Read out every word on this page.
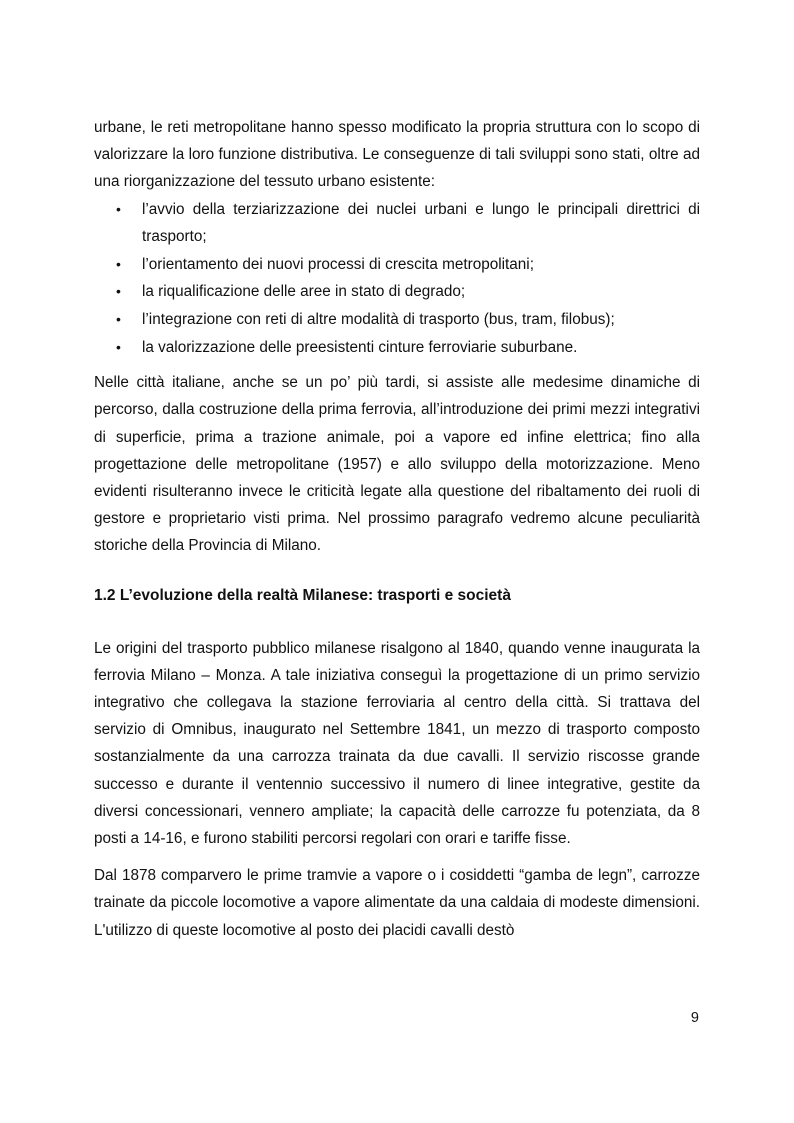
urbane, le reti metropolitane hanno spesso modificato la propria struttura con lo scopo di valorizzare la loro funzione distributiva. Le conseguenze di tali sviluppi sono stati, oltre ad una riorganizzazione del tessuto urbano esistente:

• l’avvio della terziarizzazione dei nuclei urbani e lungo le principali direttrici di trasporto;
• l’orientamento dei nuovi processi di crescita metropolitani;
• la riqualificazione delle aree in stato di degrado;
• l’integrazione con reti di altre modalità di trasporto (bus, tram, filobus);
• la valorizzazione delle preesistenti cinture ferroviarie suburbane.

Nelle città italiane, anche se un po’ più tardi, si assiste alle medesime dinamiche di percorso, dalla costruzione della prima ferrovia, all’introduzione dei primi mezzi integrativi di superficie, prima a trazione animale, poi a vapore ed infine elettrica; fino alla progettazione delle metropolitane (1957) e allo sviluppo della motorizzazione. Meno evidenti risulteranno invece le criticità legate alla questione del ribaltamento dei ruoli di gestore e proprietario visti prima. Nel prossimo paragrafo vedremo alcune peculiarità storiche della Provincia di Milano.

1.2 L’evoluzione della realtà Milanese: trasporti e società

Le origini del trasporto pubblico milanese risalgono al 1840, quando venne inaugurata la ferrovia Milano – Monza. A tale iniziativa conseguì la progettazione di un primo servizio integrativo che collegava la stazione ferroviaria al centro della città. Si trattava del servizio di Omnibus, inaugurato nel Settembre 1841, un mezzo di trasporto composto sostanzialmente da una carrozza trainata da due cavalli. Il servizio riscosse grande successo e durante il ventennio successivo il numero di linee integrative, gestite da diversi concessionari, vennero ampliate; la capacità delle carrozze fu potenziata, da 8 posti a 14-16, e furono stabiliti percorsi regolari con orari e tariffe fisse.

Dal 1878 comparvero le prime tramvie a vapore o i cosiddetti “gamba de legn”, carrozze trainate da piccole locomotive a vapore alimentate da una caldaia di modeste dimensioni. L'utilizzo di queste locomotive al posto dei placidi cavalli destò

9
